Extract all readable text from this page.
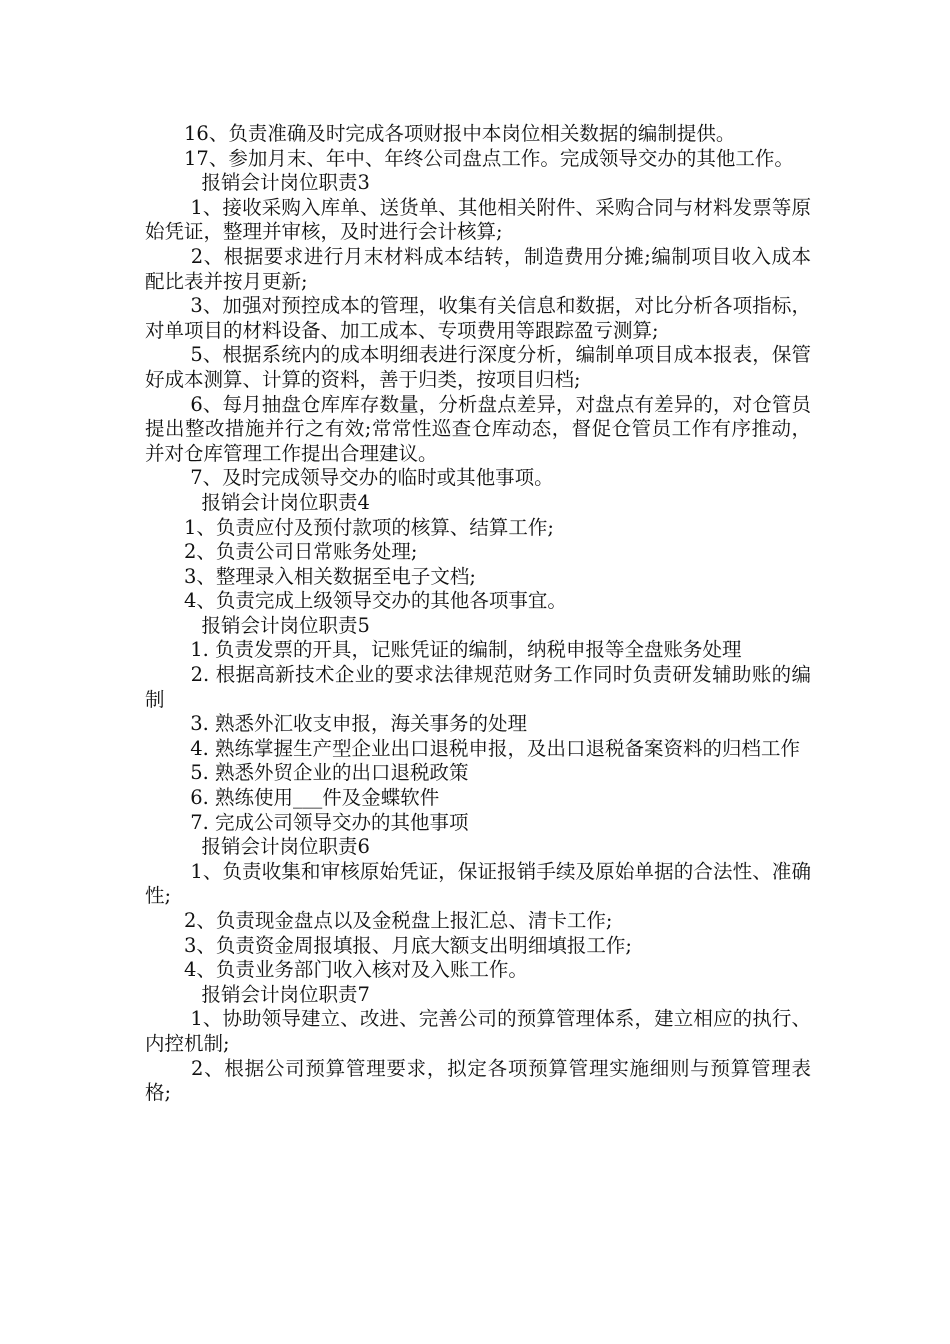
16、负责准确及时完成各项财报中本岗位相关数据的编制提供。

17、参加月末、年中、年终公司盘点工作。完成领导交办的其他工作。

报销会计岗位职责3

1、接收采购入库单、送货单、其他相关附件、采购合同与材料发票等原始凭证，整理并审核，及时进行会计核算;

2、根据要求进行月末材料成本结转，制造费用分摊;编制项目收入成本配比表并按月更新;

3、加强对预控成本的管理，收集有关信息和数据，对比分析各项指标，对单项目的材料设备、加工成本、专项费用等跟踪盈亏测算;

5、根据系统内的成本明细表进行深度分析，编制单项目成本报表，保管好成本测算、计算的资料，善于归类，按项目归档;

6、每月抽盘仓库库存数量，分析盘点差异，对盘点有差异的，对仓管员提出整改措施并行之有效;常常性巡查仓库动态，督促仓管员工作有序推动，并对仓库管理工作提出合理建议。

7、及时完成领导交办的临时或其他事项。

报销会计岗位职责4

1、负责应付及预付款项的核算、结算工作;

2、负责公司日常账务处理;

3、整理录入相关数据至电子文档;

4、负责完成上级领导交办的其他各项事宜。

报销会计岗位职责5

1. 负责发票的开具，记账凭证的编制，纳税申报等全盘账务处理

2. 根据高新技术企业的要求法律规范财务工作同时负责研发辅助账的编制

3. 熟悉外汇收支申报，海关事务的处理

4. 熟练掌握生产型企业出口退税申报，及出口退税备案资料的归档工作

5. 熟悉外贸企业的出口退税政策

6. 熟练使用___件及金蝶软件

7. 完成公司领导交办的其他事项

报销会计岗位职责6

1、负责收集和审核原始凭证，保证报销手续及原始单据的合法性、准确性;

2、负责现金盘点以及金税盘上报汇总、清卡工作;

3、负责资金周报填报、月底大额支出明细填报工作;

4、负责业务部门收入核对及入账工作。

报销会计岗位职责7

1、协助领导建立、改进、完善公司的预算管理体系，建立相应的执行、内控机制;

2、根据公司预算管理要求，拟定各项预算管理实施细则与预算管理表格;
